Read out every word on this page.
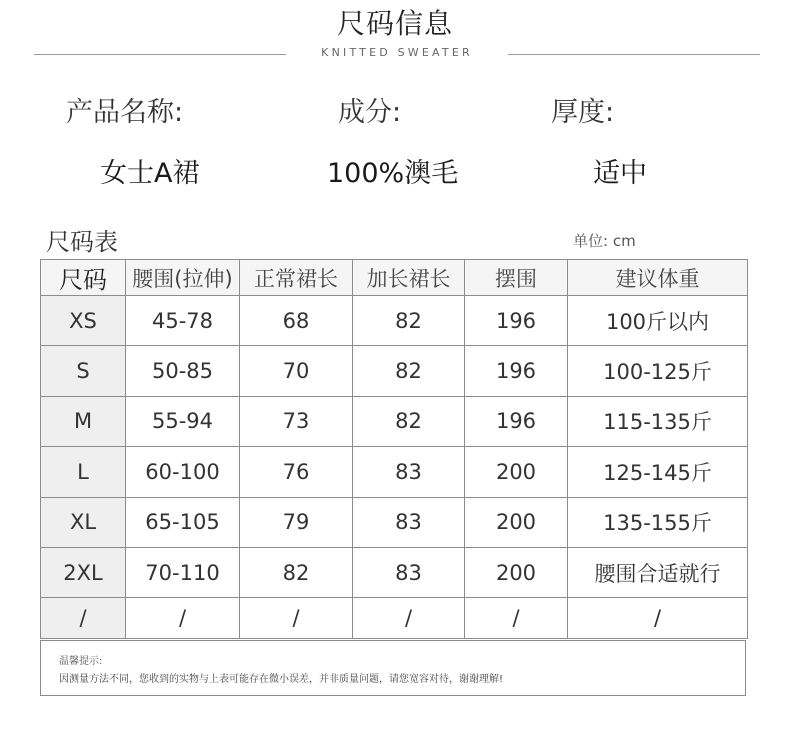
尺码信息
KNITTED SWEATER
产品名称:	成分:	厚度:
女士A裙	100%澳毛	适中
尺码表	单位: cm
尺码	腰围(拉伸)	正常裙长	加长裙长	摆围	建议体重
XS	45-78	68	82	196	100斤以内
S	50-85	70	82	196	100-125斤
M	55-94	73	82	196	115-135斤
L	60-100	76	83	200	125-145斤
XL	65-105	79	83	200	135-155斤
2XL	70-110	82	83	200	腰围合适就行
/	/	/	/	/	/
温馨提示:
因测量方法不同，您收到的实物与上表可能存在微小误差，并非质量问题，请您宽容对待，谢谢理解!
